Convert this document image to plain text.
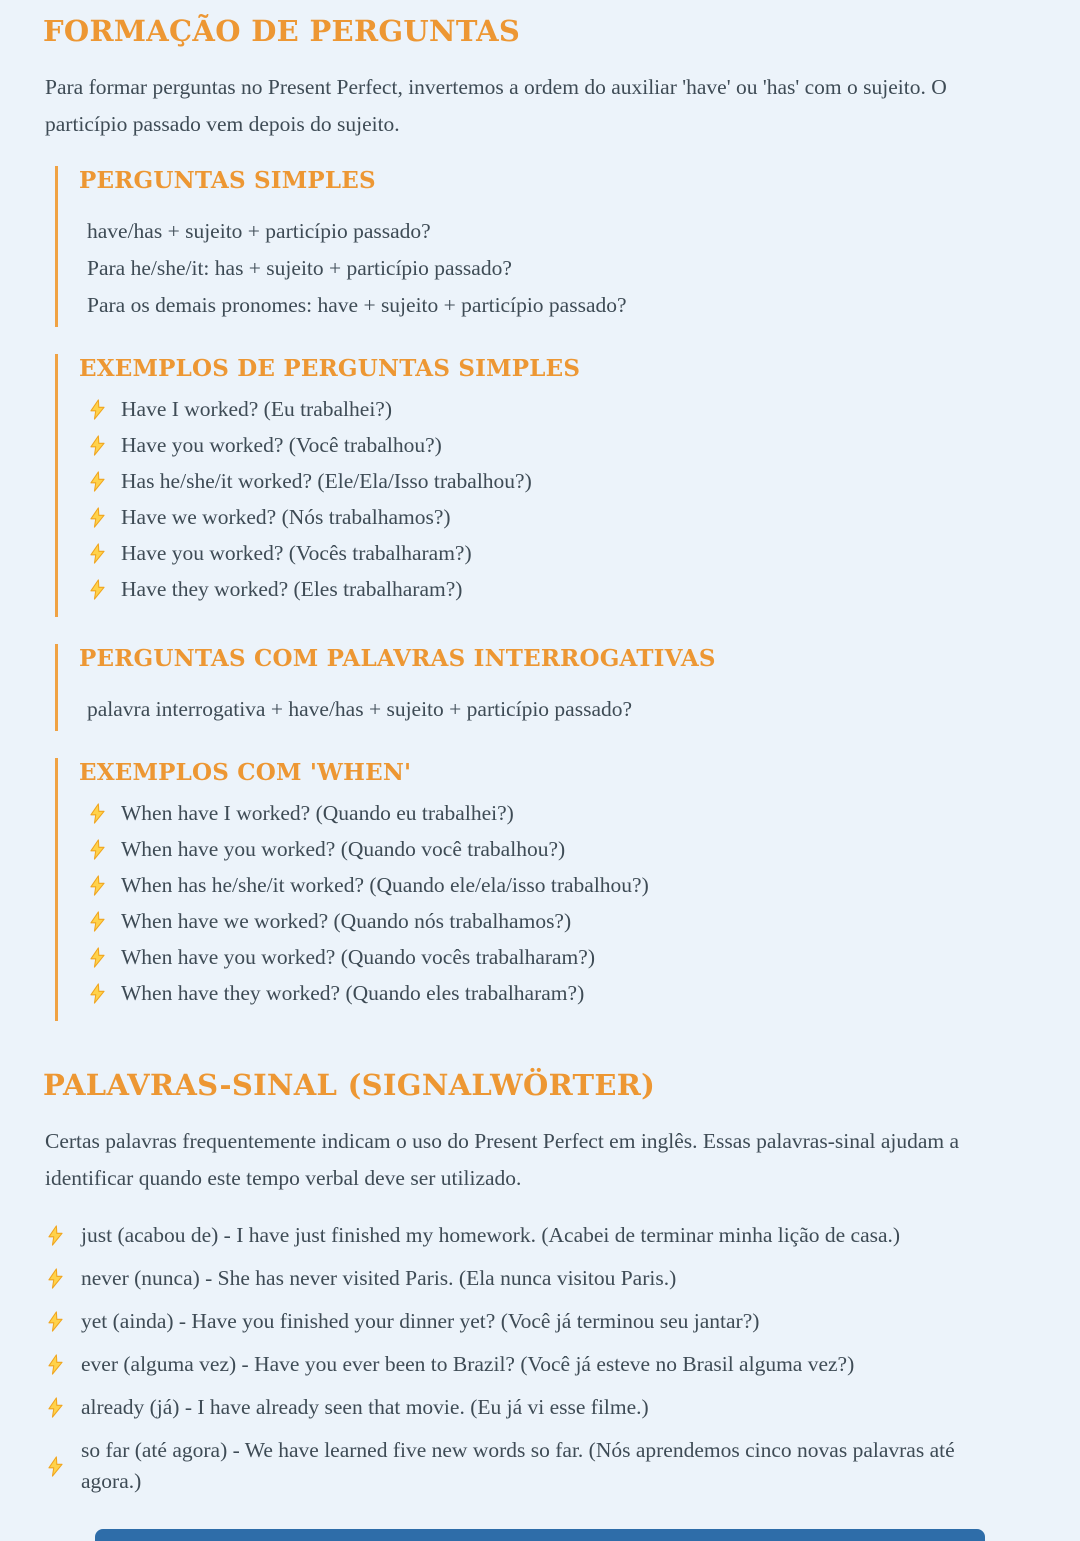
FORMAÇÃO DE PERGUNTAS

Para formar perguntas no Present Perfect, invertemos a ordem do auxiliar 'have' ou 'has' com o sujeito. O particípio passado vem depois do sujeito.

PERGUNTAS SIMPLES

have/has + sujeito + particípio passado?

Para he/she/it: has + sujeito + particípio passado?

Para os demais pronomes: have + sujeito + particípio passado?

EXEMPLOS DE PERGUNTAS SIMPLES
Have I worked? (Eu trabalhei?)
Have you worked? (Você trabalhou?)
Has he/she/it worked? (Ele/Ela/Isso trabalhou?)
Have we worked? (Nós trabalhamos?)
Have you worked? (Vocês trabalharam?)
Have they worked? (Eles trabalharam?)
PERGUNTAS COM PALAVRAS INTERROGATIVAS

palavra interrogativa + have/has + sujeito + particípio passado?

EXEMPLOS COM 'WHEN'
When have I worked? (Quando eu trabalhei?)
When have you worked? (Quando você trabalhou?)
When has he/she/it worked? (Quando ele/ela/isso trabalhou?)
When have we worked? (Quando nós trabalhamos?)
When have you worked? (Quando vocês trabalharam?)
When have they worked? (Quando eles trabalharam?)
PALAVRAS-SINAL (SIGNALWÖRTER)

Certas palavras frequentemente indicam o uso do Present Perfect em inglês. Essas palavras-sinal ajudam a identificar quando este tempo verbal deve ser utilizado.

just (acabou de) - I have just finished my homework. (Acabei de terminar minha lição de casa.)
never (nunca) - She has never visited Paris. (Ela nunca visitou Paris.)
yet (ainda) - Have you finished your dinner yet? (Você já terminou seu jantar?)
ever (alguma vez) - Have you ever been to Brazil? (Você já esteve no Brasil alguma vez?)
already (já) - I have already seen that movie. (Eu já vi esse filme.)
so far (até agora) - We have learned five new words so far. (Nós aprendemos cinco novas palavras até agora.)
